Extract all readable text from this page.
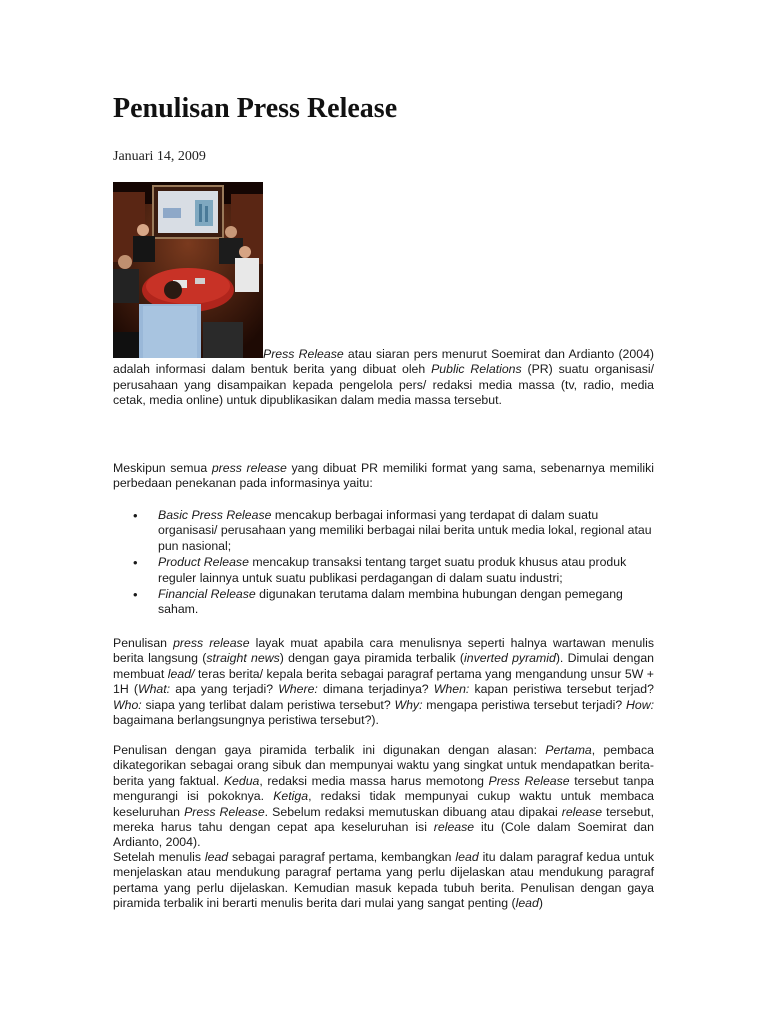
Penulisan Press Release
Januari 14, 2009

Press Release atau siaran pers menurut Soemirat dan Ardianto (2004) adalah informasi dalam bentuk berita yang dibuat oleh Public Relations (PR) suatu organisasi/ perusahaan yang disampaikan kepada pengelola pers/ redaksi media massa (tv, radio, media cetak, media online) untuk dipublikasikan dalam media massa tersebut.

Meskipun semua press release yang dibuat PR memiliki format yang sama, sebenarnya memiliki perbedaan penekanan pada informasinya yaitu:

• Basic Press Release mencakup berbagai informasi yang terdapat di dalam suatu organisasi/ perusahaan yang memiliki berbagai nilai berita untuk media lokal, regional atau pun nasional;
• Product Release mencakup transaksi tentang target suatu produk khusus atau produk reguler lainnya untuk suatu publikasi perdagangan di dalam suatu industri;
• Financial Release digunakan terutama dalam membina hubungan dengan pemegang saham.

Penulisan press release layak muat apabila cara menulisnya seperti halnya wartawan menulis berita langsung (straight news) dengan gaya piramida terbalik (inverted pyramid). Dimulai dengan membuat lead/ teras berita/ kepala berita sebagai paragraf pertama yang mengandung unsur 5W + 1H (What: apa yang terjadi? Where: dimana terjadinya? When: kapan peristiwa tersebut terjad? Who: siapa yang terlibat dalam peristiwa tersebut? Why: mengapa peristiwa tersebut terjadi? How: bagaimana berlangsungnya peristiwa tersebut?).

Penulisan dengan gaya piramida terbalik ini digunakan dengan alasan: Pertama, pembaca dikategorikan sebagai orang sibuk dan mempunyai waktu yang singkat untuk mendapatkan berita-berita yang faktual. Kedua, redaksi media massa harus memotong Press Release tersebut tanpa mengurangi isi pokoknya. Ketiga, redaksi tidak mempunyai cukup waktu untuk membaca keseluruhan Press Release. Sebelum redaksi memutuskan dibuang atau dipakai release tersebut, mereka harus tahu dengan cepat apa keseluruhan isi release itu (Cole dalam Soemirat dan Ardianto, 2004).

Setelah menulis lead sebagai paragraf pertama, kembangkan lead itu dalam paragraf kedua untuk menjelaskan atau mendukung paragraf pertama yang perlu dijelaskan atau mendukung paragraf pertama yang perlu dijelaskan. Kemudian masuk kepada tubuh berita. Penulisan dengan gaya piramida terbalik ini berarti menulis berita dari mulai yang sangat penting (lead)
